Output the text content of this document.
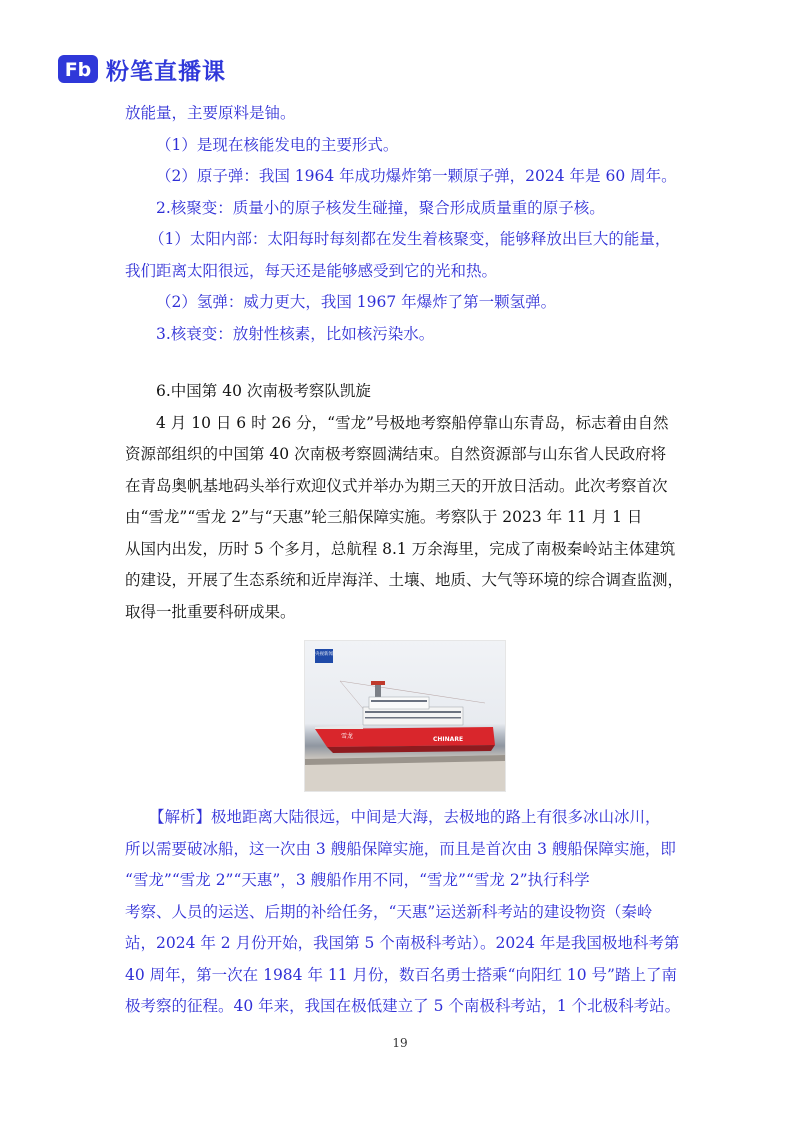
Fb 粉笔直播课
放能量，主要原料是铀。
（1）是现在核能发电的主要形式。
（2）原子弹：我国 1964 年成功爆炸第一颗原子弹，2024 年是 60 周年。
2.核聚变：质量小的原子核发生碰撞，聚合形成质量重的原子核。
（1）太阳内部：太阳每时每刻都在发生着核聚变，能够释放出巨大的能量，
我们距离太阳很远，每天还是能够感受到它的光和热。
（2）氢弹：威力更大，我国 1967 年爆炸了第一颗氢弹。
3.核衰变：放射性核素，比如核污染水。
6.中国第 40 次南极考察队凯旋
4 月 10 日 6 时 26 分，“雪龙”号极地考察船停靠山东青岛，标志着由自然
资源部组织的中国第 40 次南极考察圆满结束。自然资源部与山东省人民政府将
在青岛奥帆基地码头举行欢迎仪式并举办为期三天的开放日活动。此次考察首次
由“雪龙”“雪龙 2”与“天惠”轮三船保障实施。考察队于 2023 年 11 月 1 日
从国内出发，历时 5 个多月，总航程 8.1 万余海里，完成了南极秦岭站主体建筑
的建设，开展了生态系统和近岸海洋、土壤、地质、大气等环境的综合调查监测，
取得一批重要科研成果。
雪龙	CHINARE
央视新闻
【解析】极地距离大陆很远，中间是大海，去极地的路上有很多冰山冰川，
所以需要破冰船，这一次由 3 艘船保障实施，而且是首次由 3 艘船保障实施，即
“雪龙”“雪龙 2”“天惠”，3 艘船作用不同，“雪龙”“雪龙 2”执行科学
考察、人员的运送、后期的补给任务，“天惠”运送新科考站的建设物资（秦岭
站，2024 年 2 月份开始，我国第 5 个南极科考站）。2024 年是我国极地科考第
40 周年，第一次在 1984 年 11 月份，数百名勇士搭乘“向阳红 10 号”踏上了南
极考察的征程。40 年来，我国在极低建立了 5 个南极科考站，1 个北极科考站。
19
